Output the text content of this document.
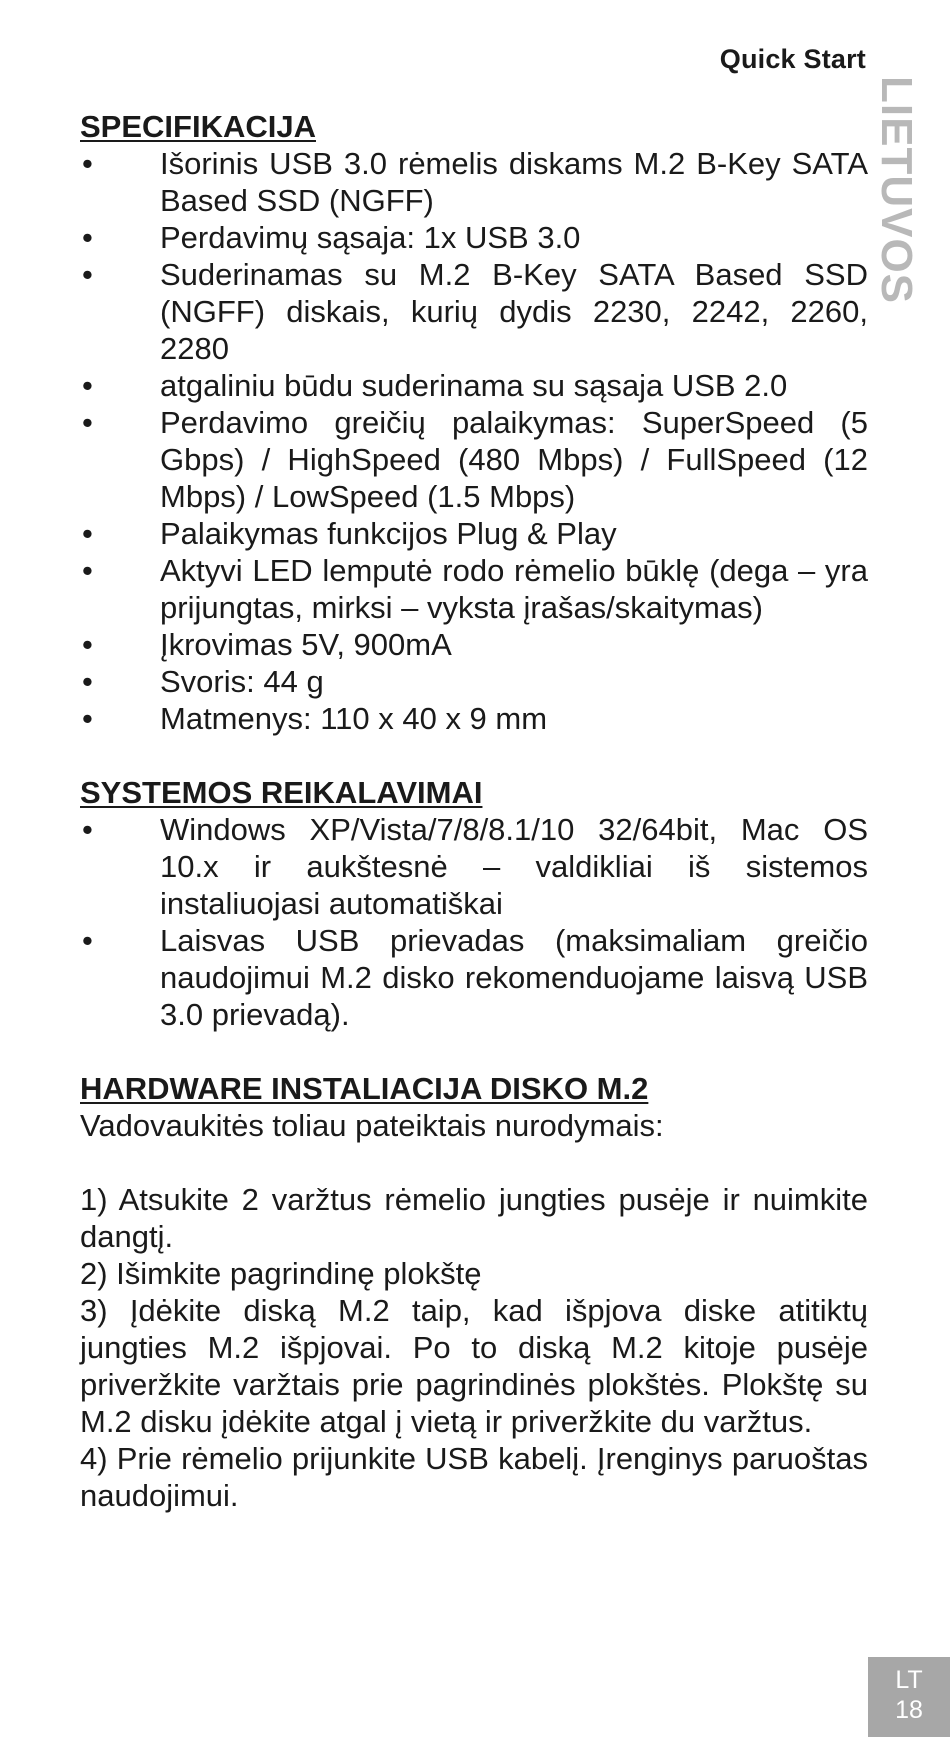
Quick Start
LIETUVOS
SPECIFIKACIJA
• Išorinis USB 3.0 rėmelis diskams M.2 B-Key SATA Based SSD (NGFF)
• Perdavimų sąsaja: 1x USB 3.0
• Suderinamas su M.2 B-Key SATA Based SSD (NGFF) diskais, kurių dydis 2230, 2242, 2260, 2280
• atgaliniu būdu suderinama su sąsaja USB 2.0
• Perdavimo greičių palaikymas: SuperSpeed (5 Gbps) / HighSpeed (480 Mbps) / FullSpeed (12 Mbps) / LowSpeed (1.5 Mbps)
• Palaikymas funkcijos Plug & Play
• Aktyvi LED lemputė rodo rėmelio būklę (dega – yra prijungtas, mirksi – vyksta įrašas/skaitymas)
• Įkrovimas 5V, 900mA
• Svoris: 44 g
• Matmenys: 110 x 40 x 9 mm
SYSTEMOS REIKALAVIMAI
• Windows XP/Vista/7/8/8.1/10 32/64bit, Mac OS 10.x ir aukštesnė – valdikliai iš sistemos instaliuojasi automatiškai
• Laisvas USB prievadas (maksimaliam greičio naudojimui M.2 disko rekomenduojame laisvą USB 3.0 prievadą).
HARDWARE INSTALIACIJA DISKO M.2

Vadovaukitės toliau pateiktais nurodymais:

1) Atsukite 2 varžtus rėmelio jungties pusėje ir nuimkite dangtį.

2) Išimkite pagrindinę plokštę

3) Įdėkite diską M.2 taip, kad išpjova diske atitiktų jungties M.2 išpjovai. Po to diską M.2 kitoje pusėje priveržkite varžtais prie pagrindinės plokštės. Plokštę su M.2 disku įdėkite atgal į vietą ir priveržkite du varžtus.

4) Prie rėmelio prijunkite USB kabelį. Įrenginys paruoštas naudojimui.

LT
18
